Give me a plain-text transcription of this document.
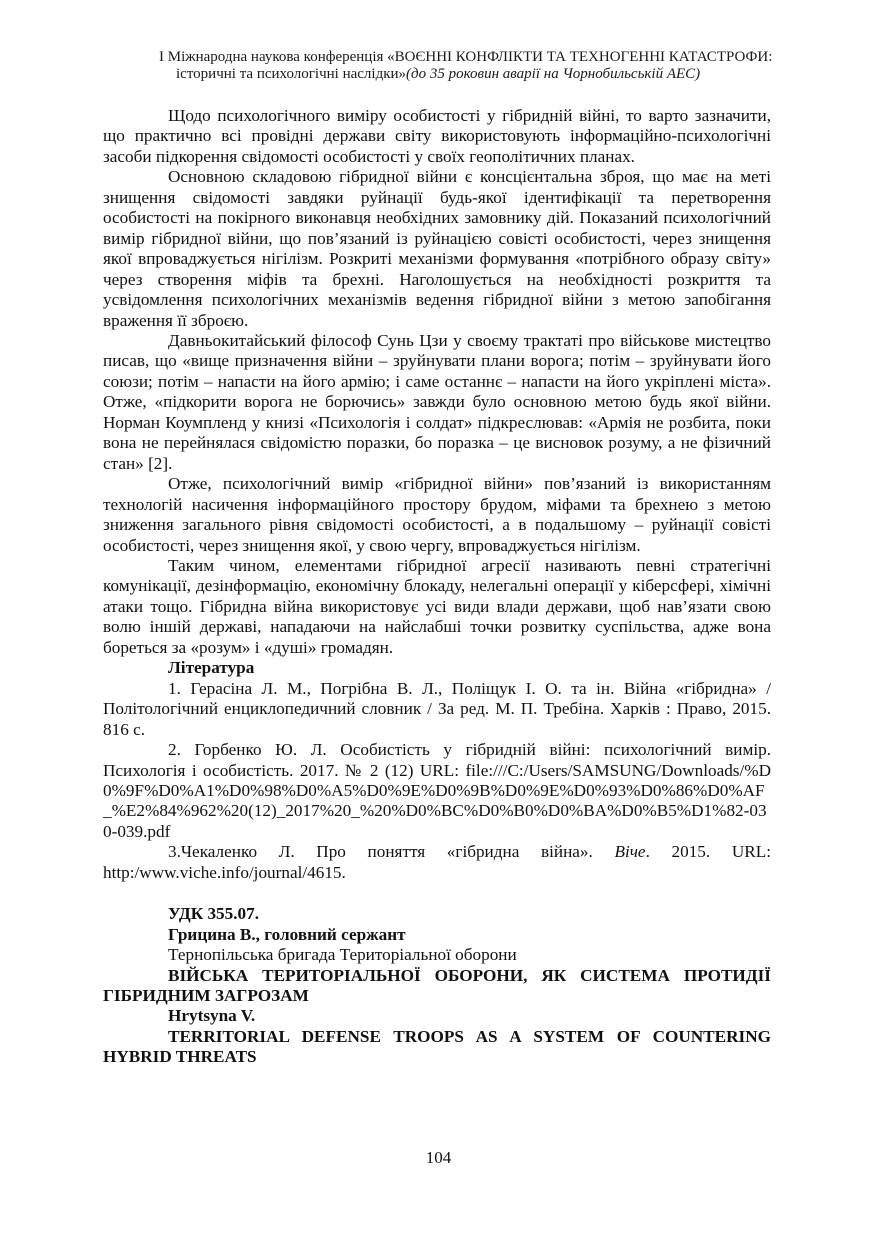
I Міжнародна наукова конференція «ВОЄННІ КОНФЛІКТИ ТА ТЕХНОГЕННІ КАТАСТРОФИ:
історичні та психологічні наслідки»(до 35 роковин аварії на Чорнобильській АЕС)

Щодо психологічного виміру особистості у гібридній війні, то варто зазначити, що практично всі провідні держави світу використовують інформаційно-психологічні засоби підкорення свідомості особистості у своїх геополітичних планах.

Основною складовою гібридної війни є консцієнтальна зброя, що має на меті знищення свідомості завдяки руйнації будь-якої ідентифікації та перетворення особистості на покірного виконавця необхідних замовнику дій. Показаний психологічний вимір гібридної війни, що пов’язаний із руйнацією совісті особистості, через знищення якої впроваджується нігілізм. Розкриті механізми формування «потрібного образу світу» через створення міфів та брехні. Наголошується на необхідності розкриття та усвідомлення психологічних механізмів ведення гібридної війни з метою запобігання враження її зброєю.

Давньокитайський філософ Сунь Цзи у своєму трактаті про військове мистецтво писав, що «вище призначення війни – зруйнувати плани ворога; потім – зруйнувати його союзи; потім – напасти на його армію; і саме останнє – напасти на його укріплені міста». Отже, «підкорити ворога не борючись» завжди було основною метою будь якої війни. Норман Коумпленд у книзі «Психологія і солдат» підкреслював: «Армія не розбита, поки вона не перейнялася свідомістю поразки, бо поразка – це висновок розуму, а не фізичний стан» [2].

Отже, психологічний вимір «гібридної війни» пов’язаний із використанням технологій насичення інформаційного простору брудом, міфами та брехнею з метою зниження загального рівня свідомості особистості, а в подальшому – руйнації совісті особистості, через знищення якої, у свою чергу, впроваджується нігілізм.

Таким чином, елементами гібридної агресії називають певні стратегічні комунікації, дезінформацію, економічну блокаду, нелегальні операції у кіберсфері, хімічні атаки тощо. Гібридна війна використовує усі види влади держави, щоб нав’язати свою волю іншій державі, нападаючи на найслабші точки розвитку суспільства, адже вона бореться за «розум» і «душі» громадян.

Література

1. Герасіна Л. М., Погрібна В. Л., Поліщук І. О. та ін. Війна «гібридна» / Політологічний енциклопедичний словник / За ред. М. П. Требіна. Харків : Право, 2015. 816 с.

2. Горбенко Ю. Л. Особистість у гібридній війні: психологічний вимір. Психологія і особистість. 2017. № 2 (12) URL: file:///C:/Users/SAMSUNG/Downloads/%D0%9F%D0%A1%D0%98%D0%A5%D0%9E%D0%9B%D0%9E%D0%93%D0%86%D0%AF_%E2%84%962%20(12)_2017%20_%20%D0%BC%D0%B0%D0%BA%D0%B5%D1%82-030-039.pdf

3.Чекаленко Л. Про поняття «гібридна війна». Віче. 2015. URL: http:/www.viche.info/journal/4615.

УДК 355.07.

Грицина В., головний сержант

Тернопільська бригада Територіальної оборони

ВІЙСЬКА ТЕРИТОРІАЛЬНОЇ ОБОРОНИ, ЯК СИСТЕМА ПРОТИДІЇ ГІБРИДНИМ ЗАГРОЗАМ

Hrytsyna V.

TERRITORIAL DEFENSE TROOPS AS A SYSTEM OF COUNTERING HYBRID THREATS

104
